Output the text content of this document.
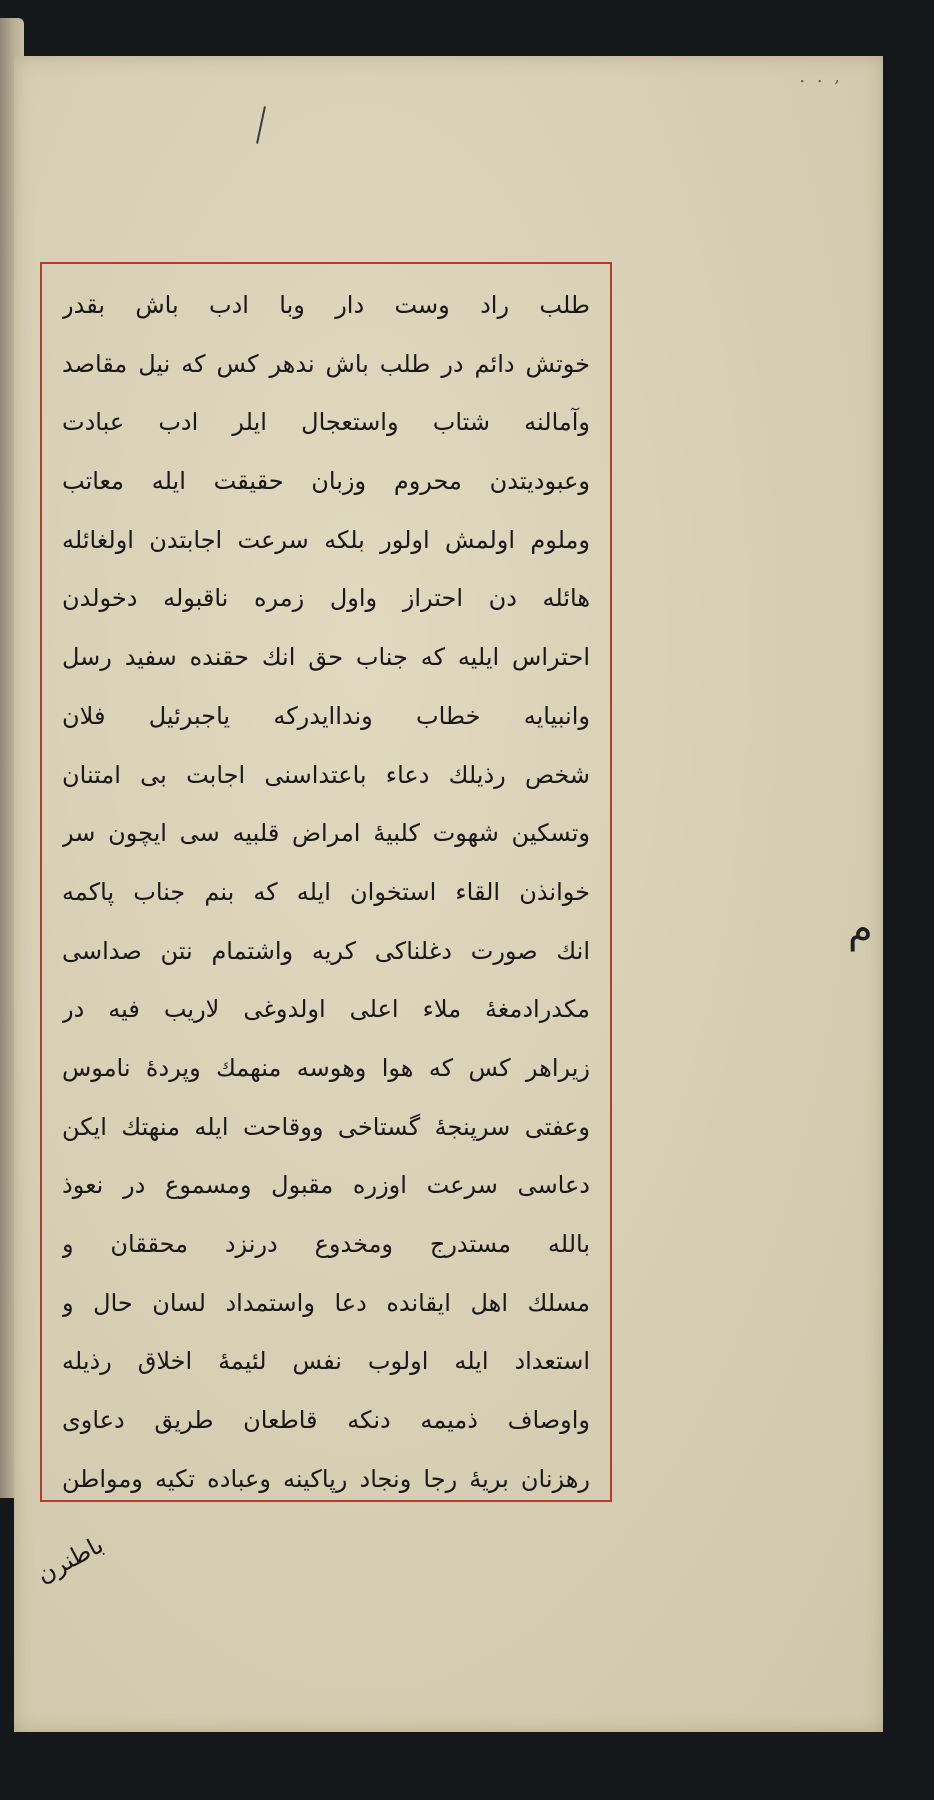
. . ,
طلب راد وست دار وبا ادب باش بقدر
خوتش دائم در طلب باش ندهر کس که نیل مقاصد
وآمالنه شتاب واستعجال ایلر ادب عبادت
وعبودیتدن محروم وزبان حقیقت ایله معاتب
وملوم اولمش اولور بلکه سرعت اجابتدن اولغائله
هائله دن احتراز واول زمره ناقبوله دخولدن
احتراس ایلیه که جناب حق انك حقنده سفید رسل
وانبیایه خطاب ونداایدرکه یاجبرئیل فلان
شخص رذیلك دعاء باعتداسنی اجابت بی امتنان
وتسکین شهوت کلبیهٔ امراض قلبیه سی ایچون سر
خوانذن القاء استخوان ایله که بنم جناب پاکمه
انك صورت دغلناکی کریه واشتمام نتن صداسی
مکدرادمغهٔ ملاء اعلی اولدوغی لاریب فیه در
زیراهر کس که هوا وهوسه منهمك وپردهٔ ناموس
وعفتی سرپنجهٔ گستاخی ووقاحت ایله منهتك ایکن
دعاسی سرعت اوزره مقبول ومسموع در نعوذ
بالله مستدرج ومخدوع درنزد محققان و
مسلك اهل ایقانده دعا واستمداد لسان حال و
استعداد ایله اولوب نفس لئیمهٔ اخلاق رذیله
واوصاف ذمیمه دنکه قاطعان طریق دعاوی
رهزنان بریهٔ رجا ونجاد رپاکینه وعباده تکیه ومواطن
باطنرن
م
